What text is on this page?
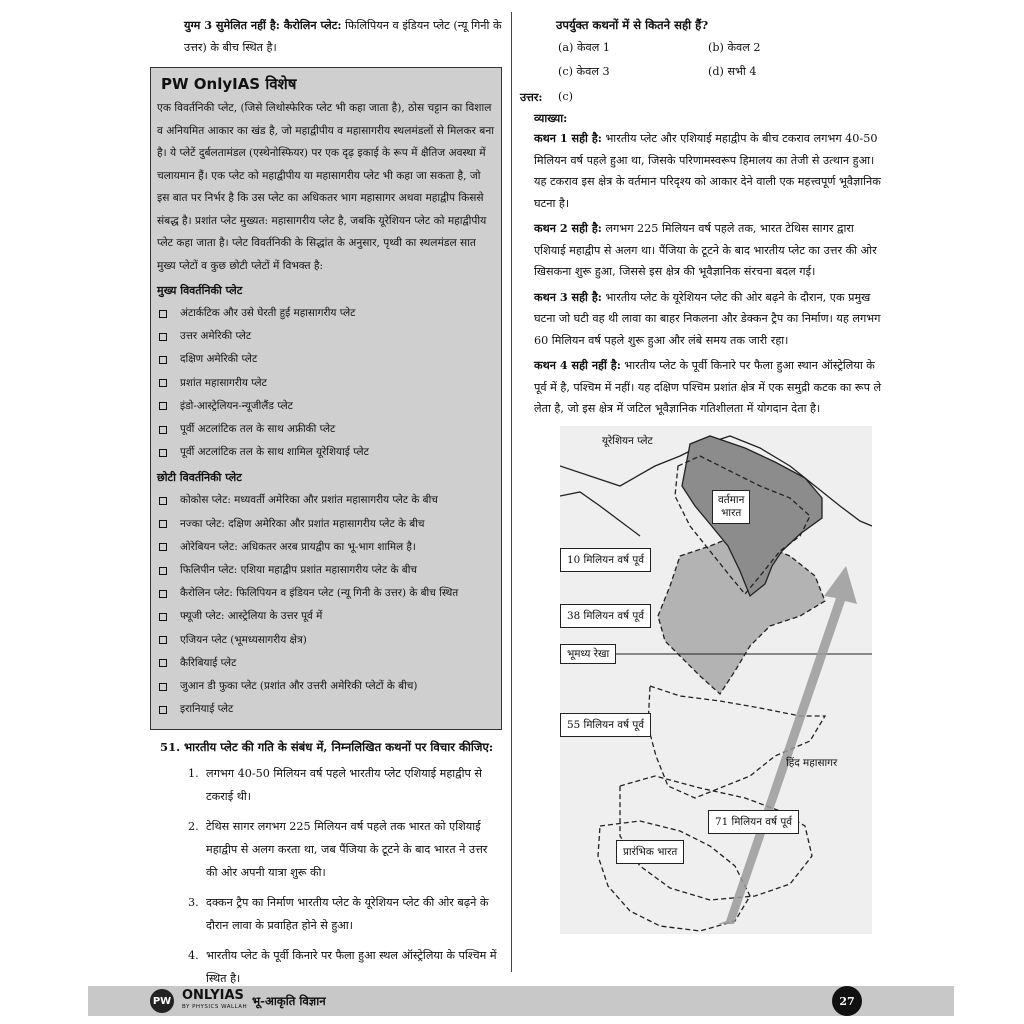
युग्म 3 सुमेलित नहीं है: कैरोलिन प्लेट: फिलिपियन व इंडियन प्लेट (न्यू गिनी के उत्तर) के बीच स्थित है।
PW OnlyIAS विशेष
एक विवर्तनिकी प्लेट, (जिसे लिथोस्फेरिक प्लेट भी कहा जाता है), ठोस चट्टान का विशाल व अनियमित आकार का खंड है, जो महाद्वीपीय व महासागरीय स्थलमंडलों से मिलकर बना है। ये प्लेटें दुर्बलतामंडल (एस्थेनोस्फियर) पर एक दृढ़ इकाई के रूप में क्षैतिज अवस्था में चलायमान हैं। एक प्लेट को महाद्वीपीय या महासागरीय प्लेट भी कहा जा सकता है, जो इस बात पर निर्भर है कि उस प्लेट का अधिकतर भाग महासागर अथवा महाद्वीप किससे संबद्ध है। प्रशांत प्लेट मुख्यत: महासागरीय प्लेट है, जबकि यूरेशियन प्लेट को महाद्वीपीय प्लेट कहा जाता है। प्लेट विवर्तनिकी के सिद्धांत के अनुसार, पृथ्वी का स्थलमंडल सात मुख्य प्लेटों व कुछ छोटी प्लेटों में विभक्त है:
मुख्य विवर्तनिकी प्लेट
अंटार्कटिक और उसे घेरती हुई महासागरीय प्लेट
उत्तर अमेरिकी प्लेट
दक्षिण अमेरिकी प्लेट
प्रशांत महासागरीय प्लेट
इंडो-आस्ट्रेलियन-न्यूजीलैंड प्लेट
पूर्वी अटलांटिक तल के साथ अफ्रीकी प्लेट
पूर्वी अटलांटिक तल के साथ शामिल यूरेशियाई प्लेट
छोटी विवर्तनिकी प्लेट
कोकोस प्लेट: मध्यवर्ती अमेरिका और प्रशांत महासागरीय प्लेट के बीच
नज्का प्लेट: दक्षिण अमेरिका और प्रशांत महासागरीय प्लेट के बीच
ओरेबियन प्लेट: अधिकतर अरब प्रायद्वीप का भू-भाग शामिल है।
फिलिपीन प्लेट: एशिया महाद्वीप प्रशांत महासागरीय प्लेट के बीच
कैरोलिन प्लेट: फिलिपियन व इंडियन प्लेट (न्यू गिनी के उत्तर) के बीच स्थित
फ्यूजी प्लेट: आस्ट्रेलिया के उत्तर पूर्व में
एजियन प्लेट (भूमध्यसागरीय क्षेत्र)
कैरिबियाई प्लेट
जुआन डी फुका प्लेट (प्रशांत और उत्तरी अमेरिकी प्लेटों के बीच)
इरानियाई प्लेट
51. भारतीय प्लेट की गति के संबंध में, निम्नलिखित कथनों पर विचार कीजिए:
1. लगभग 40-50 मिलियन वर्ष पहले भारतीय प्लेट एशियाई महाद्वीप से टकराई थी।
2. टेथिस सागर लगभग 225 मिलियन वर्ष पहले तक भारत को एशियाई महाद्वीप से अलग करता था, जब पैंजिया के टूटने के बाद भारत ने उत्तर की ओर अपनी यात्रा शुरू की।
3. दक्कन ट्रैप का निर्माण भारतीय प्लेट के यूरेशियन प्लेट की ओर बढ़ने के दौरान लावा के प्रवाहित होने से हुआ।
4. भारतीय प्लेट के पूर्वी किनारे पर फैला हुआ स्थल ऑस्ट्रेलिया के पश्चिम में स्थित है।
उपर्युक्त कथनों में से कितने सही हैं?
(a) केवल 1	(b) केवल 2
(c) केवल 3	(d) सभी 4
उत्तर:	(c)
व्याख्या:
कथन 1 सही है: भारतीय प्लेट और एशियाई महाद्वीप के बीच टकराव लगभग 40-50 मिलियन वर्ष पहले हुआ था, जिसके परिणामस्वरूप हिमालय का तेजी से उत्थान हुआ। यह टकराव इस क्षेत्र के वर्तमान परिदृश्य को आकार देने वाली एक महत्त्वपूर्ण भूवैज्ञानिक घटना है।
कथन 2 सही है: लगभग 225 मिलियन वर्ष पहले तक, भारत टेथिस सागर द्वारा एशियाई महाद्वीप से अलग था। पैंजिया के टूटने के बाद भारतीय प्लेट का उत्तर की ओर खिसकना शुरू हुआ, जिससे इस क्षेत्र की भूवैज्ञानिक संरचना बदल गई।
कथन 3 सही है: भारतीय प्लेट के यूरेशियन प्लेट की ओर बढ़ने के दौरान, एक प्रमुख घटना जो घटी वह थी लावा का बाहर निकलना और डेक्कन ट्रैप का निर्माण। यह लगभग 60 मिलियन वर्ष पहले शुरू हुआ और लंबे समय तक जारी रहा।
कथन 4 सही नहीं है: भारतीय प्लेट के पूर्वी किनारे पर फैला हुआ स्थान ऑस्ट्रेलिया के पूर्व में है, पश्चिम में नहीं। यह दक्षिण पश्चिम प्रशांत क्षेत्र में एक समुद्री कटक का रूप ले लेता है, जो इस क्षेत्र में जटिल भूवैज्ञानिक गतिशीलता में योगदान देता है।
यूरेशियन प्लेट
वर्तमान
भारत
10 मिलियन वर्ष पूर्व
38 मिलियन वर्ष पूर्व
भूमध्य रेखा
55 मिलियन वर्ष पूर्व
हिंद महासागर
71 मिलियन वर्ष पूर्व
प्रारंभिक भारत
PW ONLYIAS
BY PHYSICS WALLAH भू-आकृति विज्ञान	27
